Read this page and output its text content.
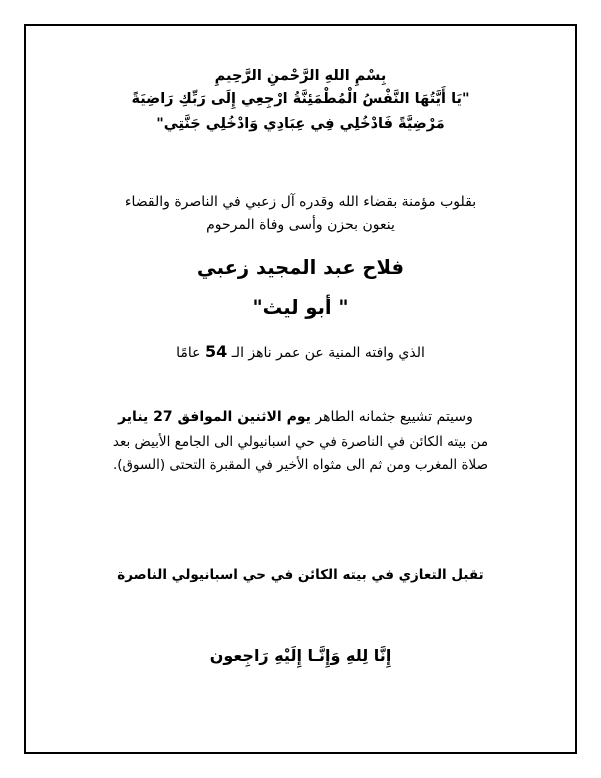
بِسْمِ اللهِ الرَّحْمنِ الرَّحِيمِ
"يَا أَيَّتُهَا النَّفْسُ الْمُطْمَئِنَّةُ ارْجِعِي إِلَى رَبِّكِ رَاضِيَةً
مَرْضِيَّةً فَادْخُلِي فِي عِبَادِي وَادْخُلِي جَنَّتِي"
بقلوب مؤمنة بقضاء الله وقدره آل زعبي في الناصرة والقضاء
ينعون بحزن وأسى وفاة المرحوم
فلاح عبد المجيد زعبي
" أبو ليث"
الذي وافته المنية عن عمر ناهز الـ 54 عامًا
وسيتم تشييع جثمانه الطاهر يوم الاثنين الموافق 27 يناير
من بيته الكائن في الناصرة في حي اسبانيولي الى الجامع الأبيض بعد
صلاة المغرب ومن ثم الى مثواه الأخير في المقبرة التحتى (السوق).
تقبل التعازي في بيته الكائن في حي اسبانيولي الناصرة
إِنَّا لِلهِ وَإِنَّـا إِلَيْهِ رَاجِعون
